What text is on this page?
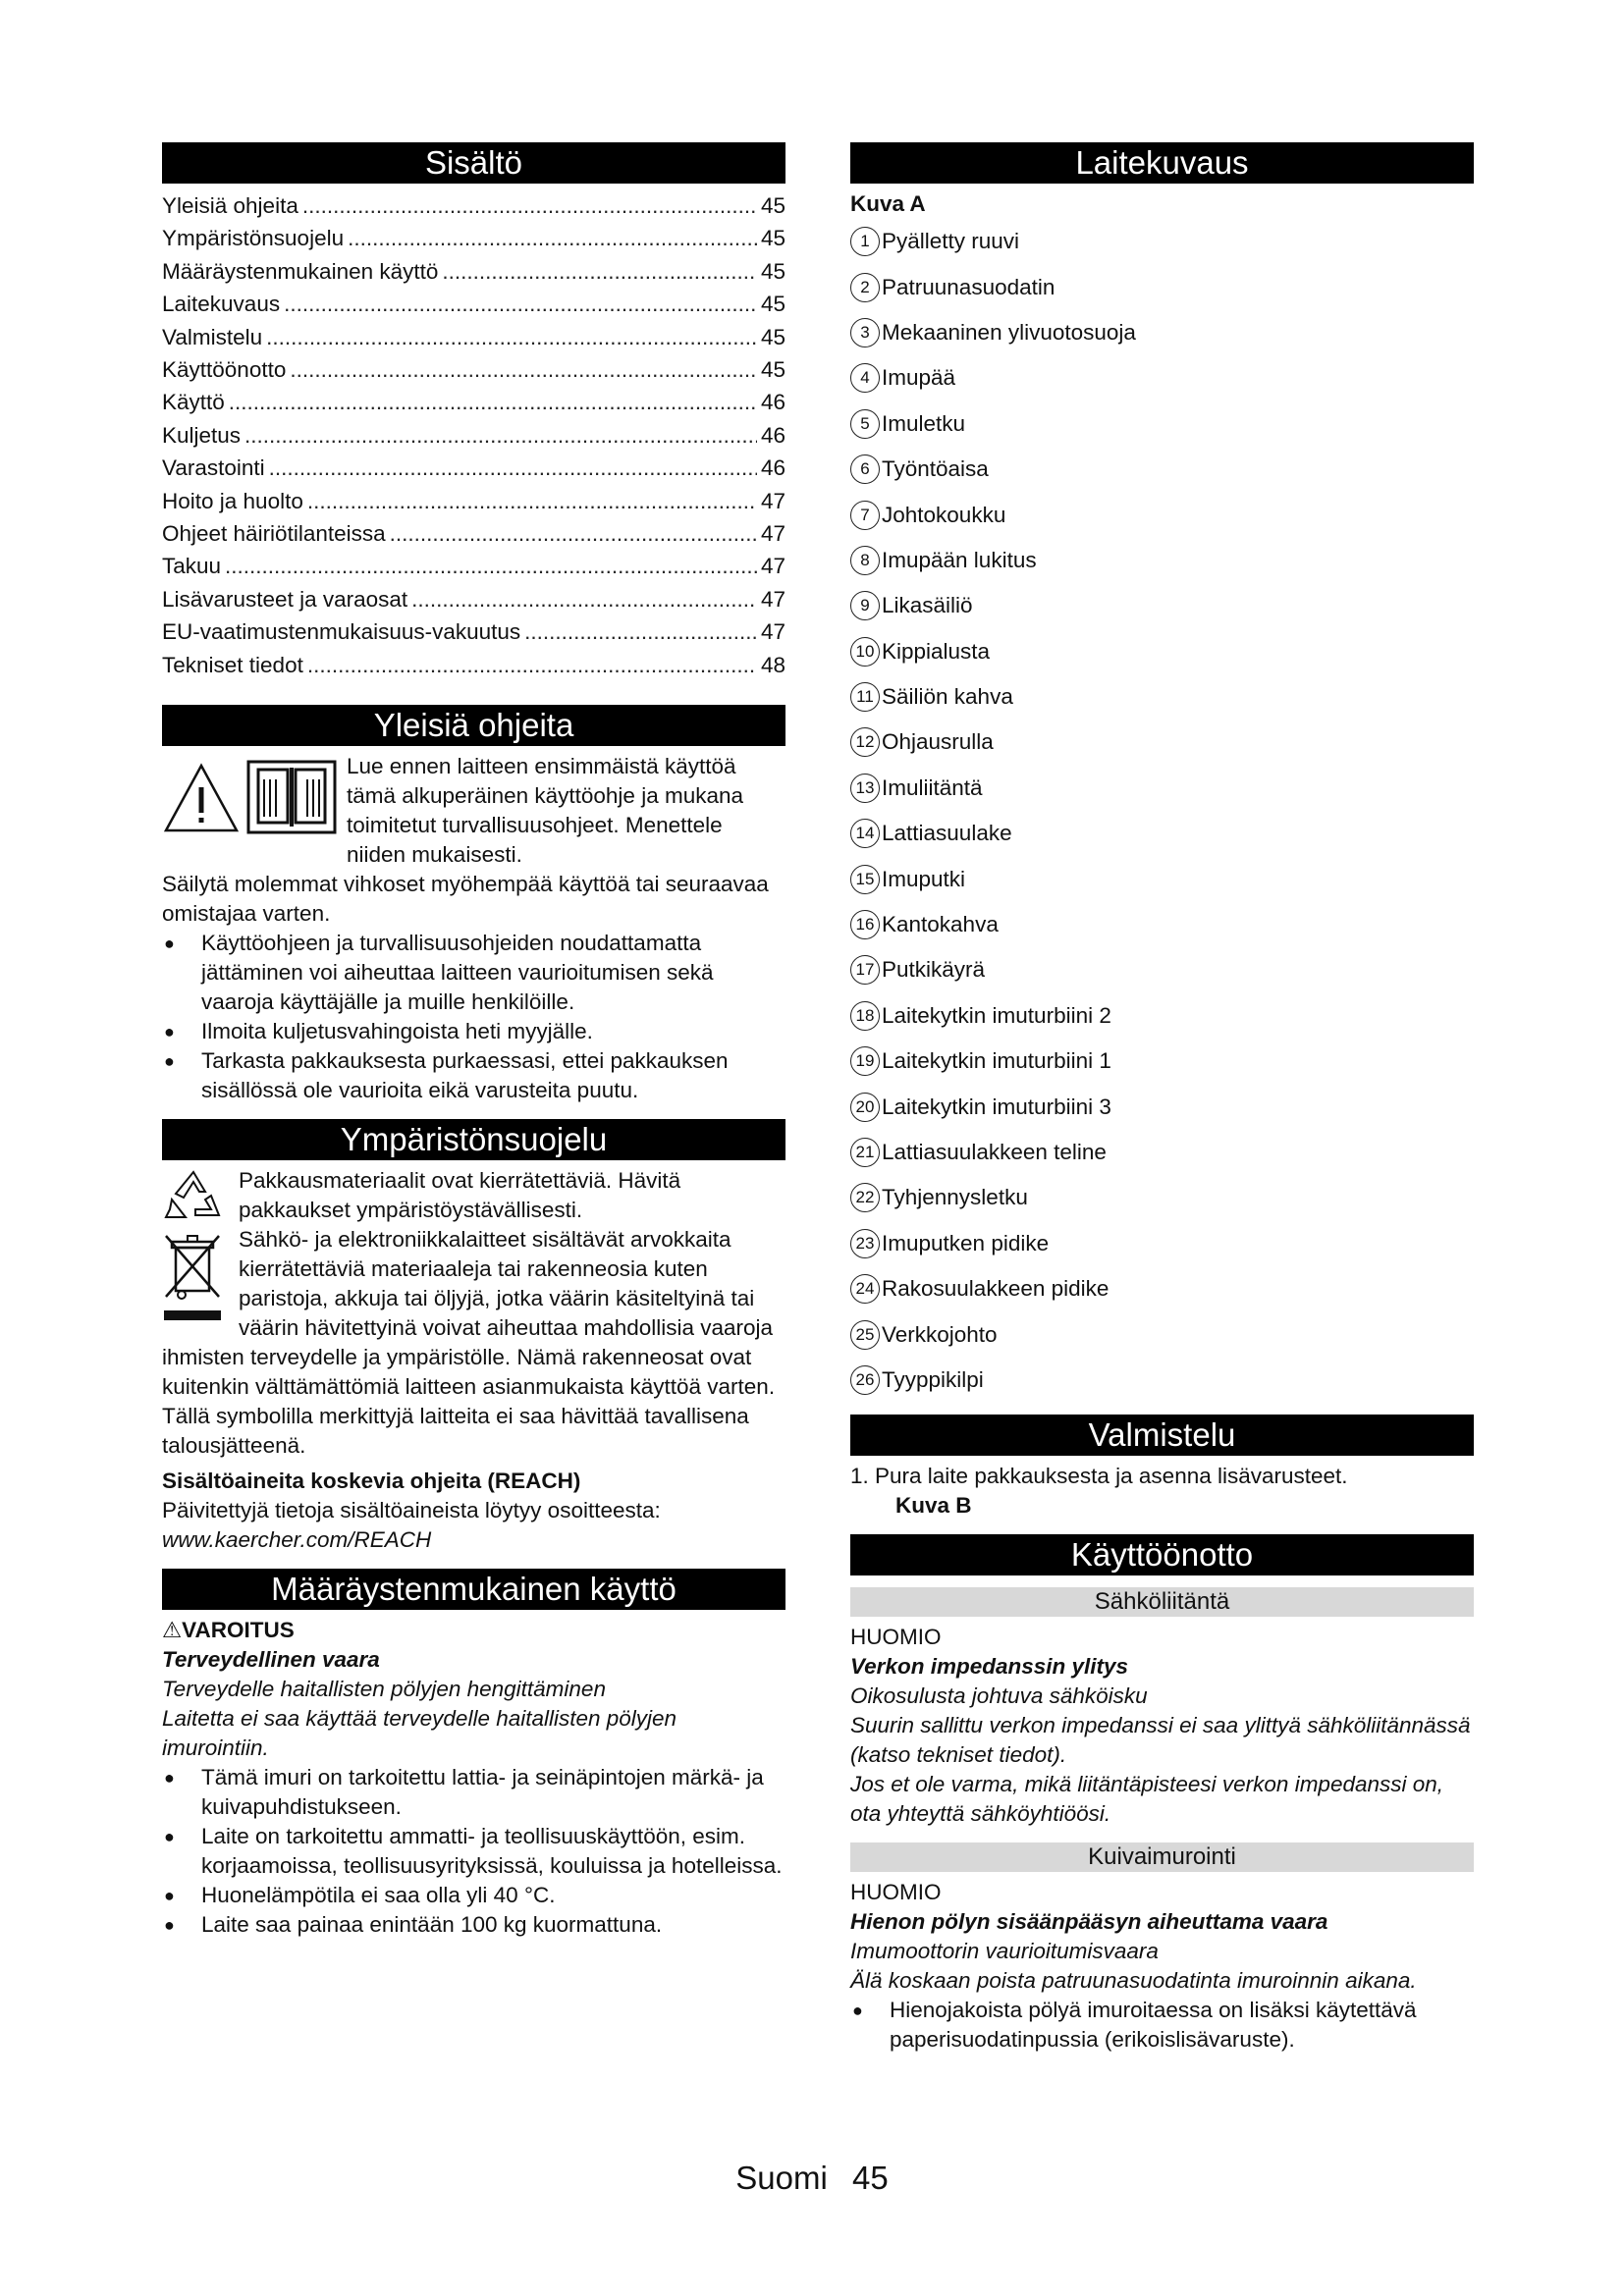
Sisältö
Yleisiä ohjeita .....	45
Ympäristönsuojelu .....	45
Määräystenmukainen käyttö .....	45
Laitekuvaus .....	45
Valmistelu .....	45
Käyttöönotto .....	45
Käyttö .....	46
Kuljetus .....	46
Varastointi .....	46
Hoito ja huolto .....	47
Ohjeet häiriötilanteissa .....	47
Takuu .....	47
Lisävarusteet ja varaosat .....	47
EU-vaatimustenmukaisuus-vakuutus .....	47
Tekniset tiedot .....	48
Yleisiä ohjeita
Lue ennen laitteen ensimmäistä käyttöä tämä alkuperäinen käyttöohje ja mukana toimitetut turvallisuusohjeet. Menettele niiden mukaisesti.
Säilytä molemmat vihkoset myöhempää käyttöä tai seuraavaa omistajaa varten.
● Käyttöohjeen ja turvallisuusohjeiden noudattamatta jättäminen voi aiheuttaa laitteen vaurioitumisen sekä vaaroja käyttäjälle ja muille henkilöille.
● Ilmoita kuljetusvahingoista heti myyjälle.
● Tarkasta pakkauksesta purkaessasi, ettei pakkauksen sisällössä ole vaurioita eikä varusteita puutu.
Ympäristönsuojelu

Pakkausmateriaalit ovat kierrätettäviä. Hävitä pakkaukset ympäristöystävällisesti.
Sähkö- ja elektroniikkalaitteet sisältävät arvokkaita kierrätettäviä materiaaleja tai rakenneosia kuten paristoja, akkuja tai öljyjä, jotka väärin käsiteltyinä tai väärin hävitettyinä voivat aiheuttaa mahdollisia vaaroja ihmisten terveydelle ja ympäristölle. Nämä rakenneosat ovat kuitenkin välttämättömiä laitteen asianmukaista käyttöä varten. Tällä symbolilla merkittyjä laitteita ei saa hävittää tavallisena talousjätteenä.
Sisältöaineita koskevia ohjeita (REACH)
Päivitettyjä tietoja sisältöaineista löytyy osoitteesta:
www.kaercher.com/REACH
Määräystenmukainen käyttö
⚠VAROITUS
Terveydellinen vaara
Terveydelle haitallisten pölyjen hengittäminen
Laitetta ei saa käyttää terveydelle haitallisten pölyjen imurointiin.
● Tämä imuri on tarkoitettu lattia- ja seinäpintojen märkä- ja kuivapuhdistukseen.
● Laite on tarkoitettu ammatti- ja teollisuuskäyttöön, esim. korjaamoissa, teollisuusyrityksissä, kouluissa ja hotelleissa.
● Huonelämpötila ei saa olla yli 40 °C.
● Laite saa painaa enintään 100 kg kuormattuna.
Laitekuvaus
Kuva A
1 Pyälletty ruuvi
2 Patruunasuodatin
3 Mekaaninen ylivuotosuoja
4 Imupää
5 Imuletku
6 Työntöaisa
7 Johtokoukku
8 Imupään lukitus
9 Likasäiliö
10 Kippialusta
11 Säiliön kahva
12 Ohjausrulla
13 Imuliitäntä
14 Lattiasuulake
15 Imuputki
16 Kantokahva
17 Putkikäyrä
18 Laitekytkin imuturbiini 2
19 Laitekytkin imuturbiini 1
20 Laitekytkin imuturbiini 3
21 Lattiasuulakkeen teline
22 Tyhjennysletku
23 Imuputken pidike
24 Rakosuulakkeen pidike
25 Verkkojohto
26 Tyyppikilpi
Valmistelu
1. Pura laite pakkauksesta ja asenna lisävarusteet.
Kuva B
Käyttöönotto
Sähköliitäntä
HUOMIO
Verkon impedanssin ylitys
Oikosulusta johtuva sähköisku
Suurin sallittu verkon impedanssi ei saa ylittyä sähköliitännässä (katso tekniset tiedot).
Jos et ole varma, mikä liitäntäpisteesi verkon impedanssi on, ota yhteyttä sähköyhtiöösi.
Kuivaimurointi
HUOMIO
Hienon pölyn sisäänpääsyn aiheuttama vaara
Imumoottorin vaurioitumisvaara
Älä koskaan poista patruunasuodatinta imuroinnin aikana.
● Hienojakoista pölyä imuroitaessa on lisäksi käytettävä paperisuodatinpussia (erikoislisävaruste).
Suomi 45
